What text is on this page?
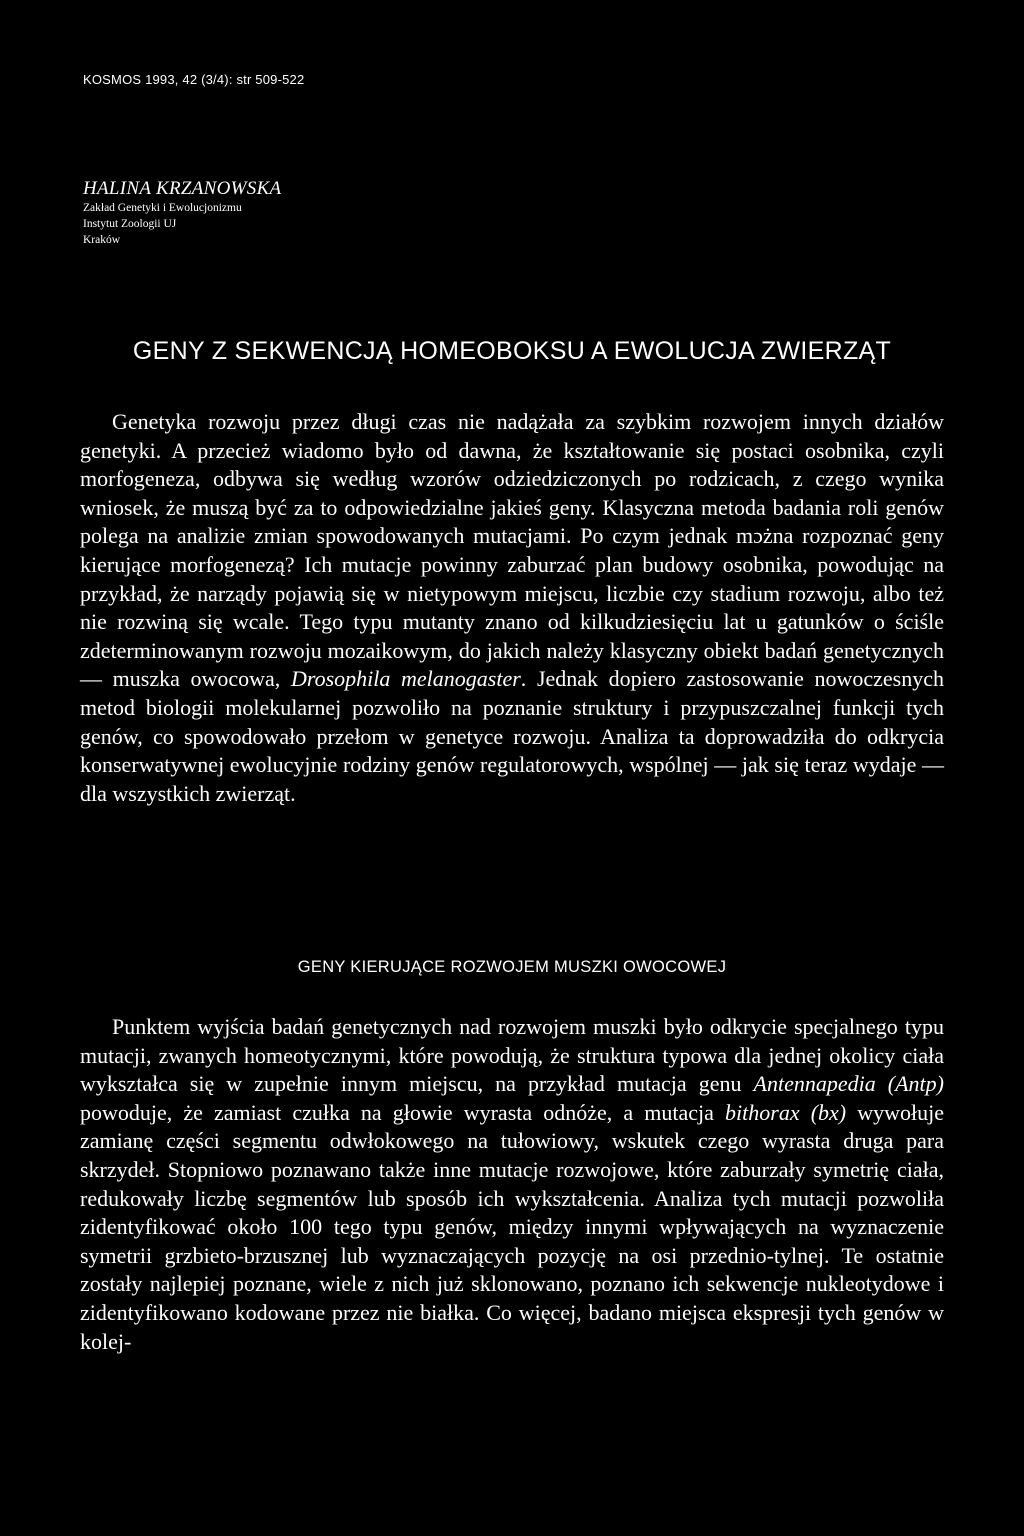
KOSMOS 1993, 42 (3/4): str 509-522
HALINA KRZANOWSKA
Zakład Genetyki i Ewolucjonizmu
Instytut Zoologii UJ
Kraków
GENY Z SEKWENCJĄ HOMEOBOKSU A EWOLUCJA ZWIERZĄT

Genetyka rozwoju przez długi czas nie nadążała za szybkim rozwojem innych działów genetyki. A przecież wiadomo było od dawna, że kształtowanie się postaci osobnika, czyli morfogeneza, odbywa się według wzorów odziedziczonych po rodzicach, z czego wynika wniosek, że muszą być za to odpowiedzialne jakieś geny. Klasyczna metoda badania roli genów polega na analizie zmian spowodowanych mutacjami. Po czym jednak mɔżna rozpoznać geny kierujące morfogenezą? Ich mutacje powinny zaburzać plan budowy osobnika, powodując na przykład, że narządy pojawią się w nietypowym miejscu, liczbie czy stadium rozwoju, albo też nie rozwiną się wcale. Tego typu mutanty znano od kilkudziesięciu lat u gatunków o ściśle zdeterminowanym rozwoju mozaikowym, do jakich należy klasyczny obiekt badań genetycznych — muszka owocowa, Drosophila melanogaster. Jednak dopiero zastosowanie nowoczesnych metod biologii molekularnej pozwoliło na poznanie struktury i przypuszczalnej funkcji tych genów, co spowodowało przełom w genetyce rozwoju. Analiza ta doprowadziła do odkrycia konserwatywnej ewolucyjnie rodziny genów regulatorowych, wspólnej — jak się teraz wydaje — dla wszystkich zwierząt.

GENY KIERUJĄCE ROZWOJEM MUSZKI OWOCOWEJ

Punktem wyjścia badań genetycznych nad rozwojem muszki było odkrycie specjalnego typu mutacji, zwanych homeotycznymi, które powodują, że struktura typowa dla jednej okolicy ciała wykształca się w zupełnie innym miejscu, na przykład mutacja genu Antennapedia (Antp) powoduje, że zamiast czułka na głowie wyrasta odnóże, a mutacja bithorax (bx) wywołuje zamianę części segmentu odwłokowego na tułowiowy, wskutek czego wyrasta druga para skrzydeł. Stopniowo poznawano także inne mutacje rozwojowe, które zaburzały symetrię ciała, redukowały liczbę segmentów lub sposób ich wykształcenia. Analiza tych mutacji pozwoliła zidentyfikować około 100 tego typu genów, między innymi wpływających na wyznaczenie symetrii grzbieto-brzusznej lub wyznaczających pozycję na osi przednio-tylnej. Te ostatnie zostały najlepiej poznane, wiele z nich już sklonowano, poznano ich sekwencje nukleotydowe i zidentyfikowano kodowane przez nie białka. Co więcej, badano miejsca ekspresji tych genów w kolej-
